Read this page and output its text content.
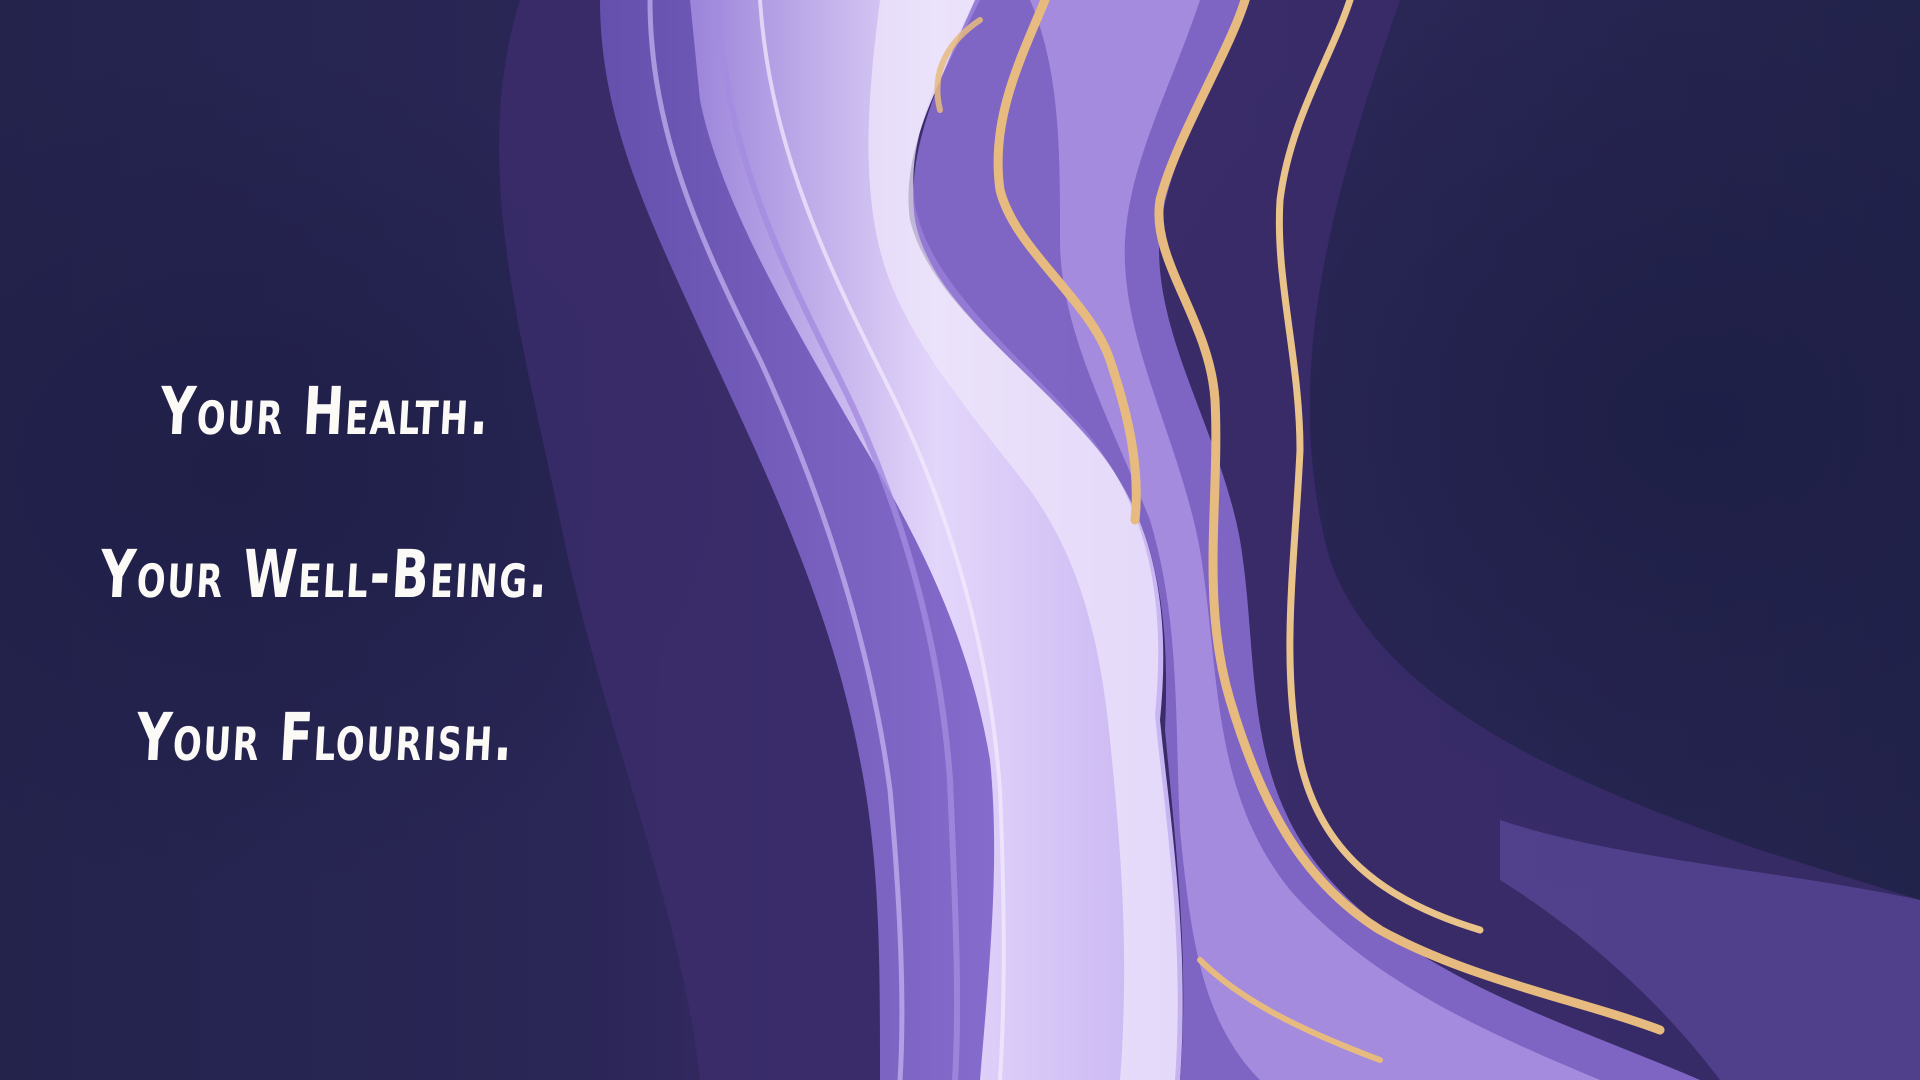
Your Health.
Your Well-Being.
Your Flourish.
